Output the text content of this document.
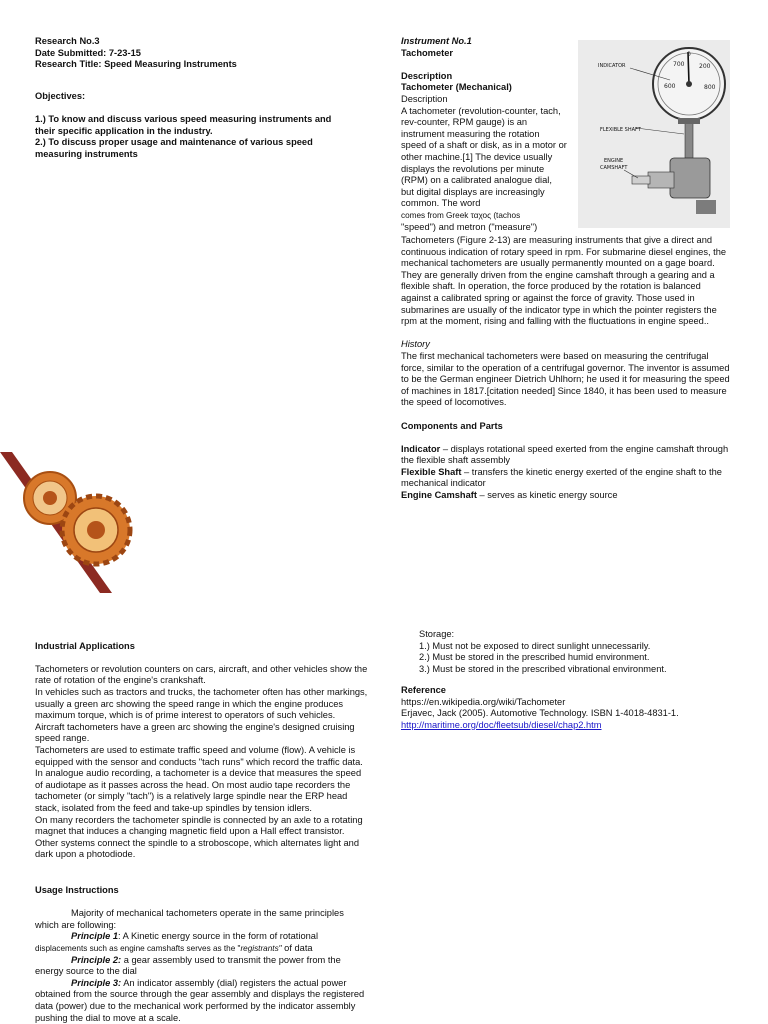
Research No.3

Date Submitted: 7-23-15

Research Title: Speed Measuring Instruments

Objectives:

1.) To know and discuss various speed measuring instruments and their specific application in the industry.

2.) To discuss proper usage and maintenance of various speed measuring instruments

Instrument No.1

Tachometer

Description

Tachometer (Mechanical)

Description

A tachometer (revolution-counter, tach, rev-counter, RPM gauge) is an instrument measuring the rotation speed of a shaft or disk, as in a motor or other machine.[1] The device usually displays the revolutions per minute (RPM) on a calibrated analogue dial, but digital displays are increasingly common. The word

comes from Greek ταχος (tachos

"speed") and metron ("measure")

700 200
600	800
0
INDICATOR
FLEXIBLE SHAFT
ENGINE
CAMSHAFT

Tachometers (Figure 2-13) are measuring instruments that give a direct and continuous indication of rotary speed in rpm. For submarine diesel engines, the mechanical tachometers are usually permanently mounted on a gage board. They are generally driven from the engine camshaft through a gearing and a flexible shaft. In operation, the force produced by the rotation is balanced against a calibrated spring or against the force of gravity. Those used in submarines are usually of the indicator type in which the pointer registers the rpm at the moment, rising and falling with the fluctuations in engine speed..

History

The first mechanical tachometers were based on measuring the centrifugal force, similar to the operation of a centrifugal governor. The inventor is assumed to be the German engineer Dietrich Uhlhorn; he used it for measuring the speed of machines in 1817.[citation needed] Since 1840, it has been used to measure the speed of locomotives.

Components and Parts

Indicator – displays rotational speed exerted from the engine camshaft through the flexible shaft assembly

Flexible Shaft – transfers the kinetic energy exerted of the engine shaft to the mechanical indicator

Engine Camshaft – serves as kinetic energy source

Industrial Applications

Tachometers or revolution counters on cars, aircraft, and other vehicles show the rate of rotation of the engine's crankshaft.
In vehicles such as tractors and trucks, the tachometer often has other markings, usually a green arc showing the speed range in which the engine produces maximum torque, which is of prime interest to operators of such vehicles.
Aircraft tachometers have a green arc showing the engine's designed cruising speed range.
Tachometers are used to estimate traffic speed and volume (flow). A vehicle is equipped with the sensor and conducts "tach runs" which record the traffic data.
In analogue audio recording, a tachometer is a device that measures the speed of audiotape as it passes across the head. On most audio tape recorders the tachometer (or simply "tach") is a relatively large spindle near the ERP head stack, isolated from the feed and take-up spindles by tension idlers.
On many recorders the tachometer spindle is connected by an axle to a rotating magnet that induces a changing magnetic field upon a Hall effect transistor. Other systems connect the spindle to a stroboscope, which alternates light and dark upon a photodiode.

Usage Instructions

Majority of mechanical tachometers operate in the same principles which are following:

Principle 1: A Kinetic energy source in the form of rotational

displacements such as engine camshafts serves as the "registrants" of data

Principle 2: a gear assembly used to transmit the power from the energy source to the dial

Principle 3: An indicator assembly (dial) registers the actual power obtained from the source through the gear assembly and displays the registered data (power) due to the mechanical work performed by the indicator assembly pushing the dial to move at a scale.

Storage:

1.) Must not be exposed to direct sunlight unnecessarily.

2.) Must be stored in the prescribed humid environment.

3.) Must be stored in the prescribed vibrational environment.

Reference

https://en.wikipedia.org/wiki/Tachometer

Erjavec, Jack (2005). Automotive Technology. ISBN 1-4018-4831-1.

http://maritime.org/doc/fleetsub/diesel/chap2.htm
